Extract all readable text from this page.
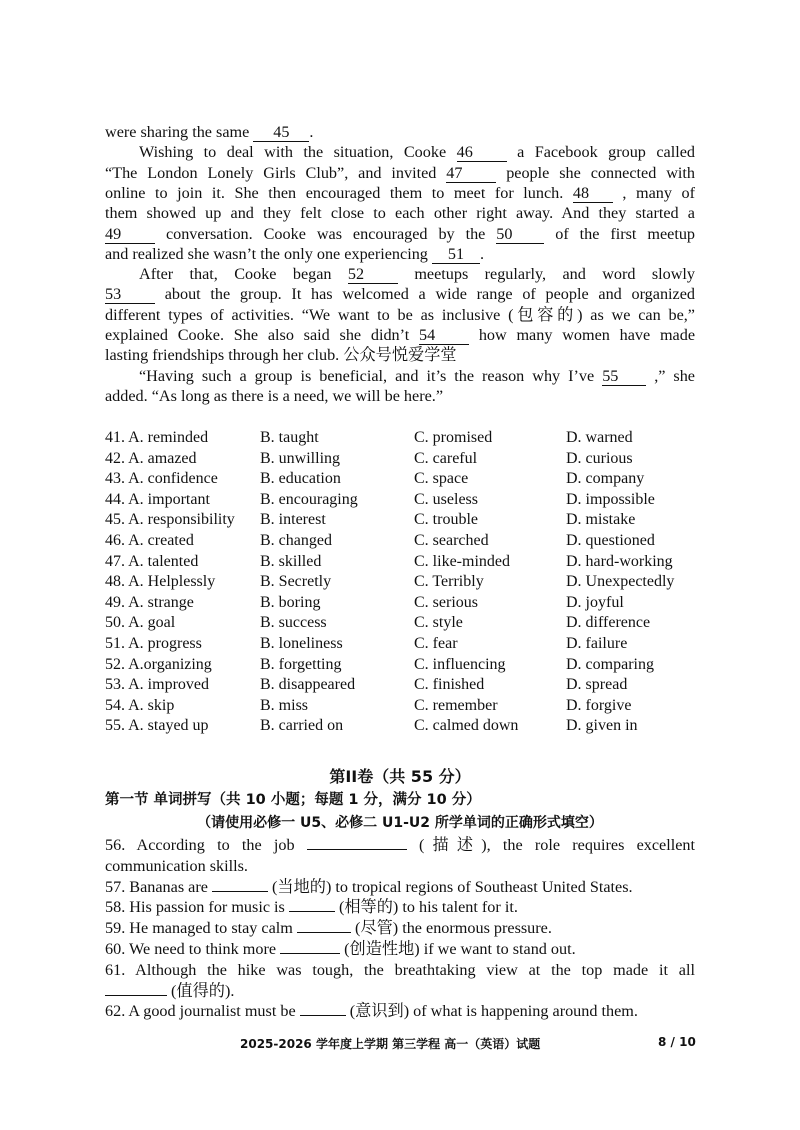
were sharing the same 45 .
Wishing to deal with the situation, Cooke 46	a Facebook group called
“The London Lonely Girls Club”, and invited 47	people she connected with
online to join it. She then encouraged them to meet for lunch. 48 , many of
them showed up and they felt close to each other right away. And they started a
49	conversation. Cooke was encouraged by the 50	of the first meetup
and realized she wasn’t the only one experiencing 51 .
After that, Cooke began 52	meetups regularly, and word slowly
53	about the group. It has welcomed a wide range of people and organized
different types of activities. “We want to be as inclusive (包容的) as we can be,”
explained Cooke. She also said she didn’t 54	how many women have made
lasting friendships through her club. 公众号悦爱学堂
“Having such a group is beneficial, and it’s the reason why I’ve 55 ,” she
added. “As long as there is a need, we will be here.”
41. A. reminded	B. taught	C. promised	D. warned
42. A. amazed	B. unwilling	C. careful	D. curious
43. A. confidence	B. education	C. space	D. company
44. A. important	B. encouraging	C. useless	D. impossible
45. A. responsibility B. interest	C. trouble	D. mistake
46. A. created	B. changed	C. searched	D. questioned
47. A. talented	B. skilled	C. like-minded	D. hard-working
48. A. Helplessly	B. Secretly	C. Terribly	D. Unexpectedly
49. A. strange	B. boring	C. serious	D. joyful
50. A. goal	B. success	C. style	D. difference
51. A. progress	B. loneliness	C. fear	D. failure
52. A.organizing	B. forgetting	C. influencing	D. comparing
53. A. improved	B. disappeared	C. finished	D. spread
54. A. skip	B. miss	C. remember	D. forgive
55. A. stayed up	B. carried on	C. calmed down	D. given in
第II卷（共 55 分）
第一节 单词拼写（共 10 小题；每题 1 分，满分 10 分）
（请使用必修一 U5、必修二 U1-U2 所学单词的正确形式填空）
56. According to the job	(描述), the role requires excellent
communication skills.
57. Bananas are	(当地的) to tropical regions of Southeast United States.
58. His passion for music is	(相等的) to his talent for it.
59. He managed to stay calm	(尽管) the enormous pressure.
60. We need to think more	(创造性地) if we want to stand out.
61. Although the hike was tough, the breathtaking view at the top made it all
(值得的).
62. A good journalist must be	(意识到) of what is happening around them.
2025-2026 学年度上学期 第三学程 高一（英语）试题	8 / 10
